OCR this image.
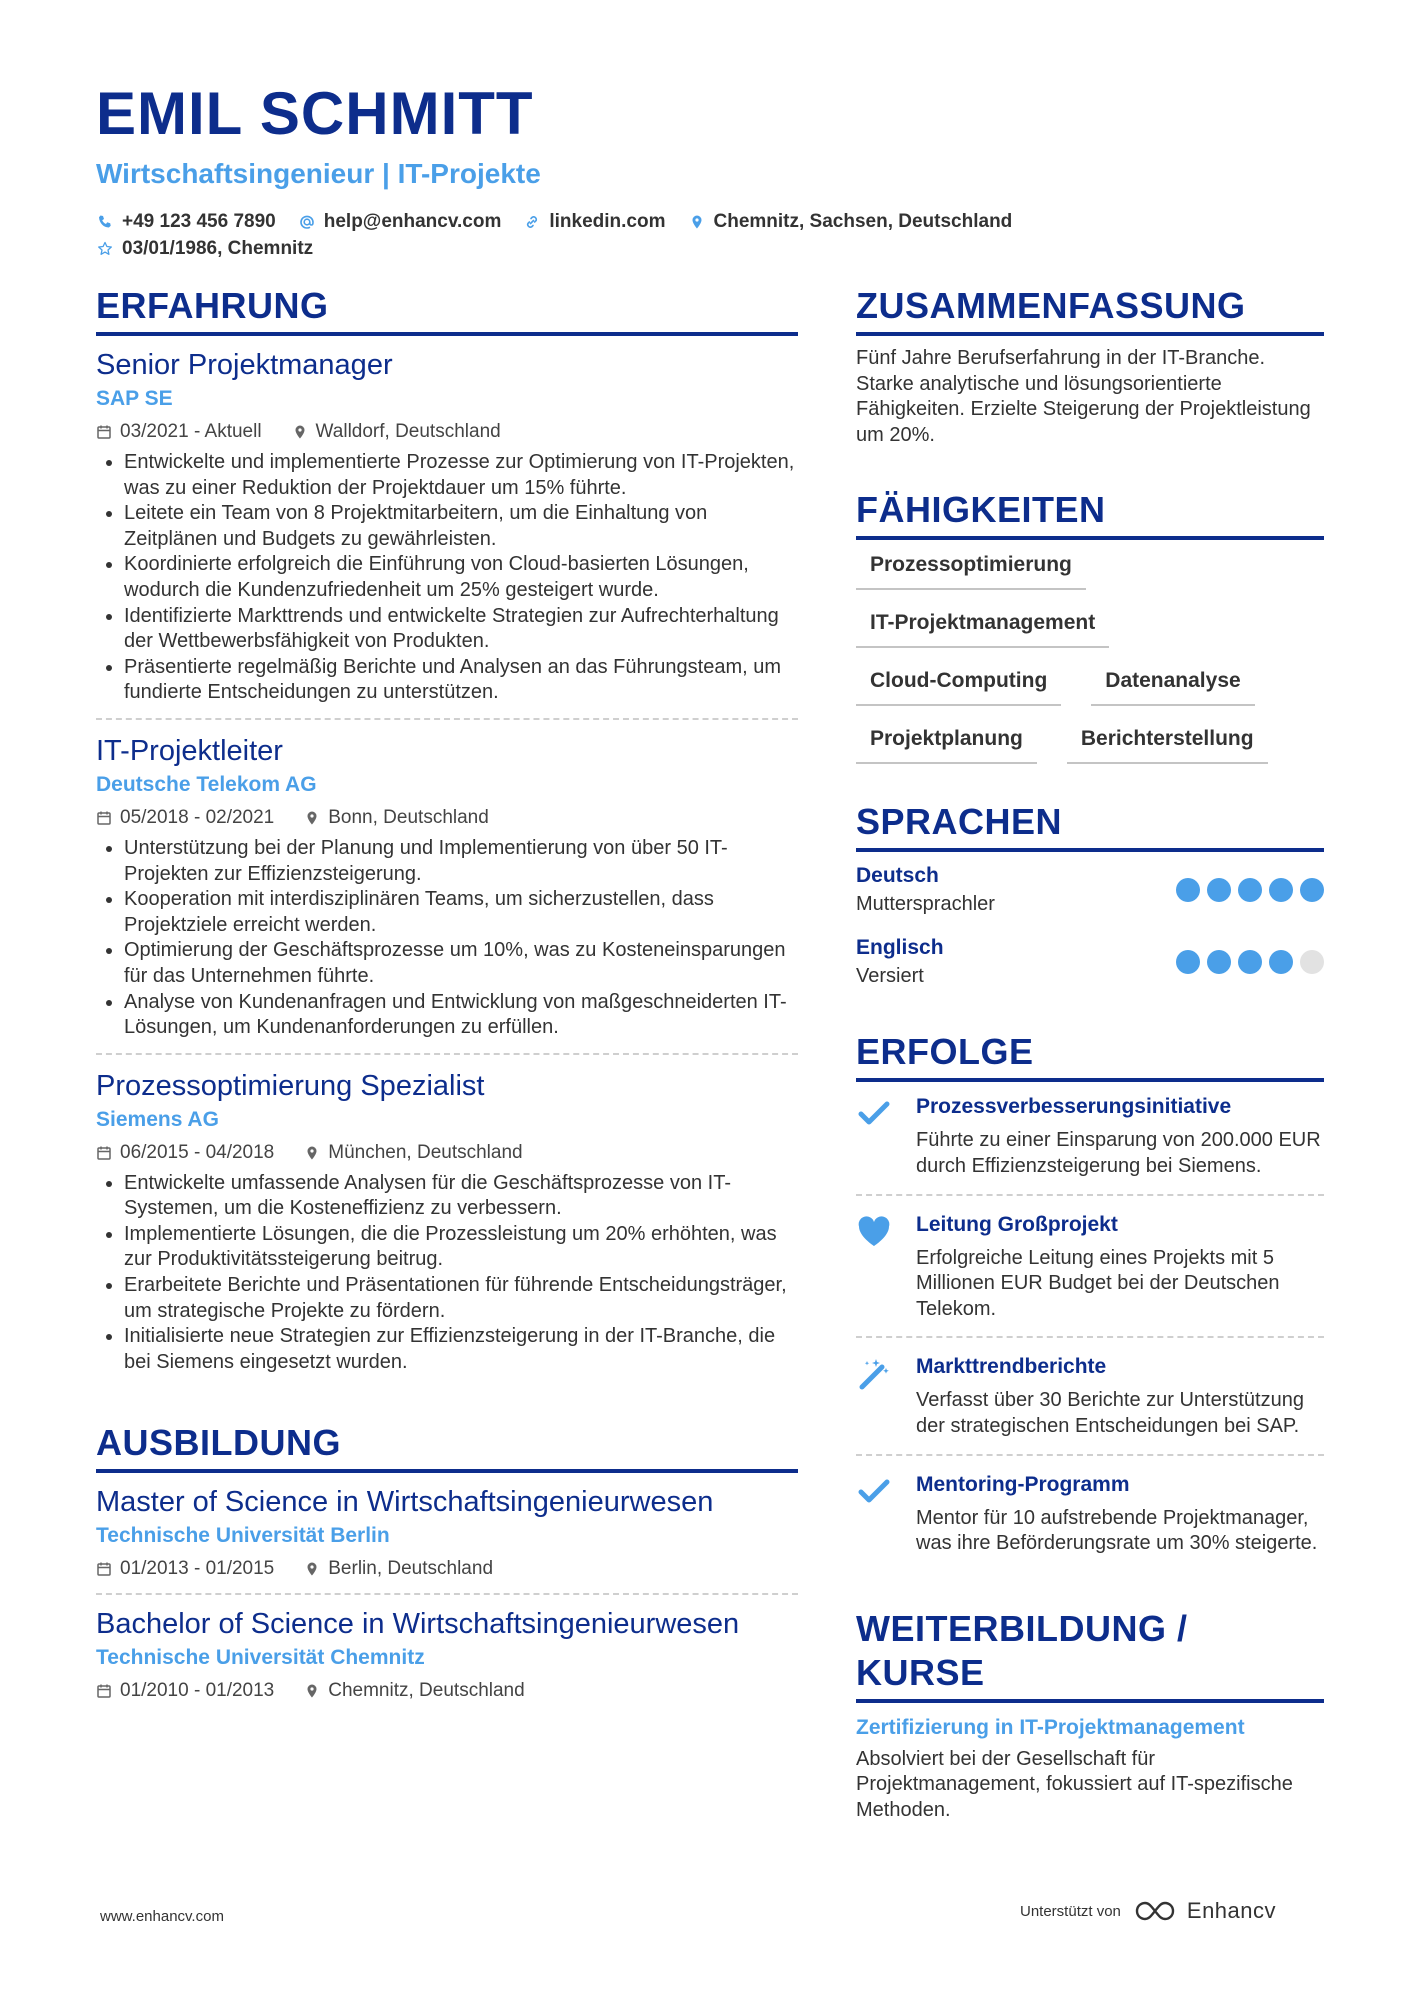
EMIL SCHMITT
Wirtschaftsingenieur | IT-Projekte
+49 123 456 7890	help@enhancv.com	linkedin.com	Chemnitz, Sachsen, Deutschland
03/01/1986, Chemnitz
ERFAHRUNG
Senior Projektmanager
SAP SE
03/2021 - Aktuell	Walldorf, Deutschland
• Entwickelte und implementierte Prozesse zur Optimierung von IT-Projekten, was zu einer Reduktion der Projektdauer um 15% führte.
• Leitete ein Team von 8 Projektmitarbeitern, um die Einhaltung von Zeitplänen und Budgets zu gewährleisten.
• Koordinierte erfolgreich die Einführung von Cloud-basierten Lösungen, wodurch die Kundenzufriedenheit um 25% gesteigert wurde.
• Identifizierte Markttrends und entwickelte Strategien zur Aufrechterhaltung der Wettbewerbsfähigkeit von Produkten.
• Präsentierte regelmäßig Berichte und Analysen an das Führungsteam, um fundierte Entscheidungen zu unterstützen.
IT-Projektleiter
Deutsche Telekom AG
05/2018 - 02/2021	Bonn, Deutschland
• Unterstützung bei der Planung und Implementierung von über 50 IT-Projekten zur Effizienzsteigerung.
• Kooperation mit interdisziplinären Teams, um sicherzustellen, dass Projektziele erreicht werden.
• Optimierung der Geschäftsprozesse um 10%, was zu Kosteneinsparungen für das Unternehmen führte.
• Analyse von Kundenanfragen und Entwicklung von maßgeschneiderten IT-Lösungen, um Kundenanforderungen zu erfüllen.
Prozessoptimierung Spezialist
Siemens AG
06/2015 - 04/2018	München, Deutschland
• Entwickelte umfassende Analysen für die Geschäftsprozesse von IT-Systemen, um die Kosteneffizienz zu verbessern.
• Implementierte Lösungen, die die Prozessleistung um 20% erhöhten, was zur Produktivitätssteigerung beitrug.
• Erarbeitete Berichte und Präsentationen für führende Entscheidungsträger, um strategische Projekte zu fördern.
• Initialisierte neue Strategien zur Effizienzsteigerung in der IT-Branche, die bei Siemens eingesetzt wurden.
AUSBILDUNG
Master of Science in Wirtschaftsingenieurwesen
Technische Universität Berlin
01/2013 - 01/2015	Berlin, Deutschland
Bachelor of Science in Wirtschaftsingenieurwesen
Technische Universität Chemnitz
01/2010 - 01/2013	Chemnitz, Deutschland
ZUSAMMENFASSUNG
Fünf Jahre Berufserfahrung in der IT-Branche. Starke analytische und lösungsorientierte Fähigkeiten. Erzielte Steigerung der Projektleistung um 20%.
FÄHIGKEITEN
Prozessoptimierung
IT-Projektmanagement
Cloud-Computing	Datenanalyse
Projektplanung	Berichterstellung
SPRACHEN
Deutsch
Muttersprachler
Englisch
Versiert
ERFOLGE
Prozessverbesserungsinitiative
Führte zu einer Einsparung von 200.000 EUR durch Effizienzsteigerung bei Siemens.
Leitung Großprojekt
Erfolgreiche Leitung eines Projekts mit 5 Millionen EUR Budget bei der Deutschen Telekom.
Markttrendberichte
Verfasst über 30 Berichte zur Unterstützung der strategischen Entscheidungen bei SAP.
Mentoring-Programm
Mentor für 10 aufstrebende Projektmanager, was ihre Beförderungsrate um 30% steigerte.
WEITERBILDUNG / KURSE
Zertifizierung in IT-Projektmanagement
Absolviert bei der Gesellschaft für Projektmanagement, fokussiert auf IT-spezifische Methoden.
www.enhancv.com	Unterstützt von	Enhancv
